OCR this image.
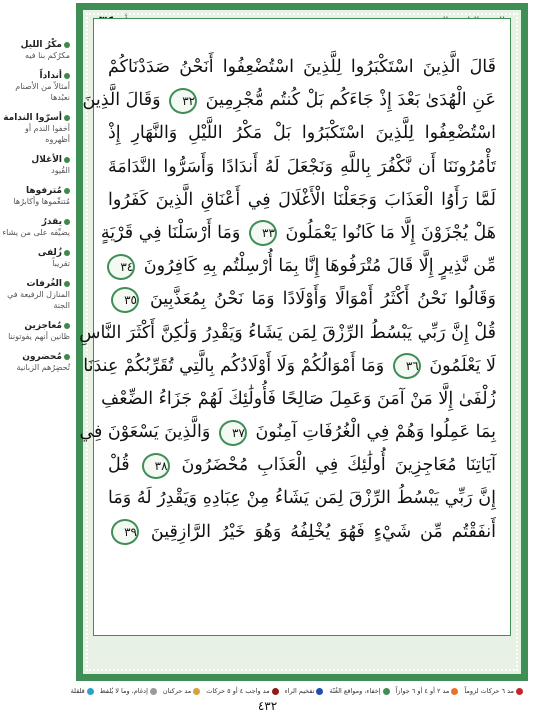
مكْرُ الليل
مكرُكم بنا فيه
أنداداً
أمثالاً من الأصنام نعبُدها
أسرّوا الندامة
أخفوا الندم أو أظهروه
الأغلال
القُيود
مُترفوها
مُتنعِّموها وأكابرُها
يقدرُ
يضيِّقه على من يشاء
زُلفى
تقريباً
الغُرفات
المنازل الرفيعة في الجنة
مُعاجزين
ظانين أنهم يفوتوننا
مُحضرون
تُحضِرُهم الزبانية
قَالَ الَّذِينَ اسْتَكْبَرُوا لِلَّذِينَ اسْتُضْعِفُوا أَنَحْنُ صَدَدْنَاكُمْ
عَنِ الْهُدَىٰ بَعْدَ إِذْ جَاءَكُم بَلْ كُنتُم مُّجْرِمِينَ ٣٢ وَقَالَ الَّذِينَ
اسْتُضْعِفُوا لِلَّذِينَ اسْتَكْبَرُوا بَلْ مَكْرُ اللَّيْلِ وَالنَّهَارِ إِذْ
تَأْمُرُونَنَا أَن نَّكْفُرَ بِاللَّهِ وَنَجْعَلَ لَهُ أَندَادًا وَأَسَرُّوا النَّدَامَةَ
لَمَّا رَأَوُا الْعَذَابَ وَجَعَلْنَا الْأَغْلَالَ فِي أَعْنَاقِ الَّذِينَ كَفَرُوا
هَلْ يُجْزَوْنَ إِلَّا مَا كَانُوا يَعْمَلُونَ ٣٣ وَمَا أَرْسَلْنَا فِي قَرْيَةٍ
مِّن نَّذِيرٍ إِلَّا قَالَ مُتْرَفُوهَا إِنَّا بِمَا أُرْسِلْتُم بِهِ كَافِرُونَ ٣٤
وَقَالُوا نَحْنُ أَكْثَرُ أَمْوَالًا وَأَوْلَادًا وَمَا نَحْنُ بِمُعَذَّبِينَ ٣٥
قُلْ إِنَّ رَبِّي يَبْسُطُ الرِّزْقَ لِمَن يَشَاءُ وَيَقْدِرُ وَلَٰكِنَّ أَكْثَرَ النَّاسِ
لَا يَعْلَمُونَ ٣٦ وَمَا أَمْوَالُكُمْ وَلَا أَوْلَادُكُم بِالَّتِي تُقَرِّبُكُمْ عِندَنَا
زُلْفَىٰ إِلَّا مَنْ آمَنَ وَعَمِلَ صَالِحًا فَأُولَٰئِكَ لَهُمْ جَزَاءُ الضِّعْفِ
بِمَا عَمِلُوا وَهُمْ فِي الْغُرُفَاتِ آمِنُونَ ٣٧ وَالَّذِينَ يَسْعَوْنَ فِي
آيَاتِنَا مُعَاجِزِينَ أُولَٰئِكَ فِي الْعَذَابِ مُحْضَرُونَ ٣٨ قُلْ
إِنَّ رَبِّي يَبْسُطُ الرِّزْقَ لِمَن يَشَاءُ مِنْ عِبَادِهِ وَيَقْدِرُ لَهُ وَمَا
أَنفَقْتُم مِّن شَيْءٍ فَهُوَ يُخْلِفُهُ وَهُوَ خَيْرُ الرَّازِقِينَ ٣٩
مد ٦ حركات لزوماً
مد ٢ أو ٤ أو ٦ جوازاً
إخفاء، ومواقع الغُنّة
تفخيم الراء
مد واجب ٤ أو ٥ حركات
مد حركتان
إدغام، وما لا يُلفظ
قلقلة
٤٣٢
